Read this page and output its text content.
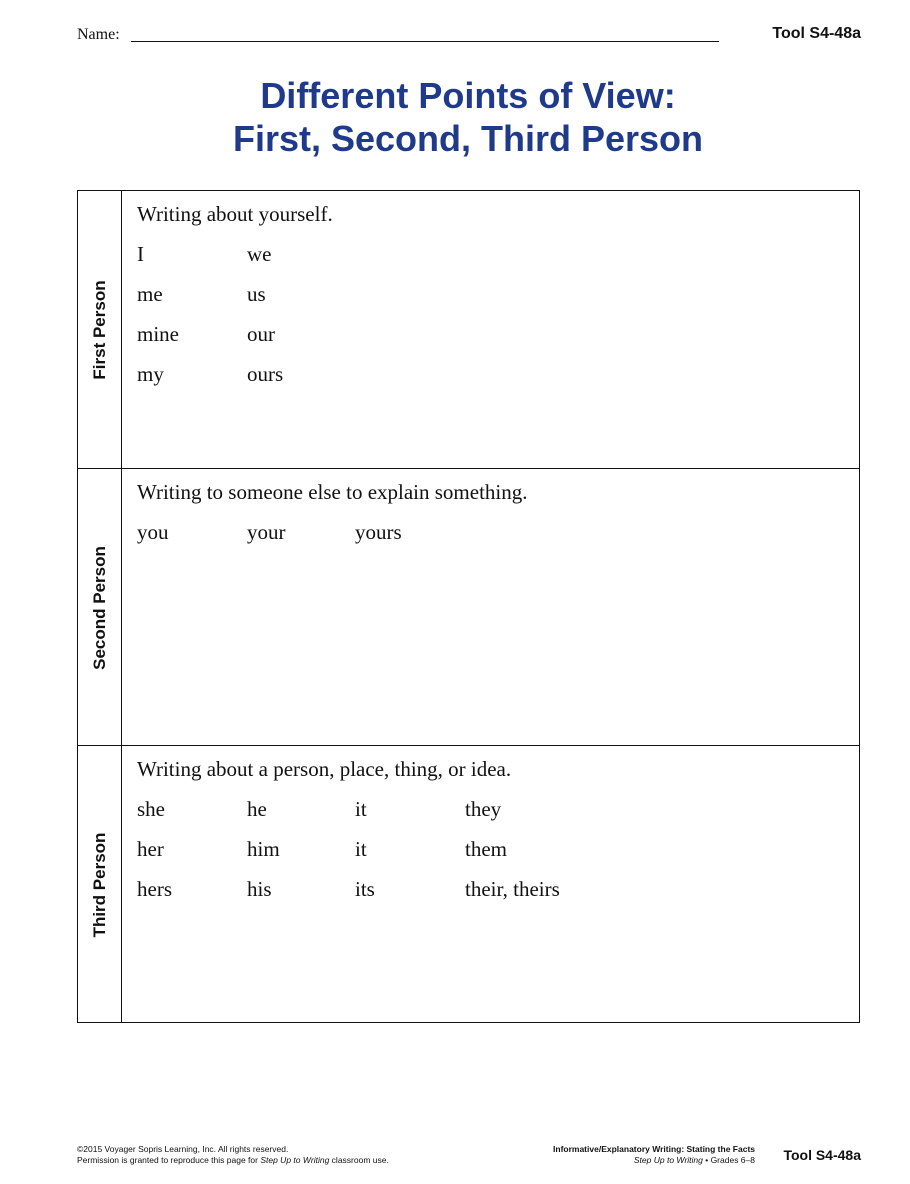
Name:	Tool S4-48a
Different Points of View:
First, Second, Third Person
First Person
Writing about yourself.
I	we
me	us
mine	our
my	ours
Second Person
Writing to someone else to explain something.
you	your	yours
Third Person
Writing about a person, place, thing, or idea.
she	he	it	they
her	him	it	them
hers	his	its	their, theirs
©2015 Voyager Sopris Learning, Inc. All rights reserved.
Permission is granted to reproduce this page for Step Up to Writing classroom use.
Informative/Explanatory Writing: Stating the Facts
Step Up to Writing • Grades 6–8 Tool S4-48a
